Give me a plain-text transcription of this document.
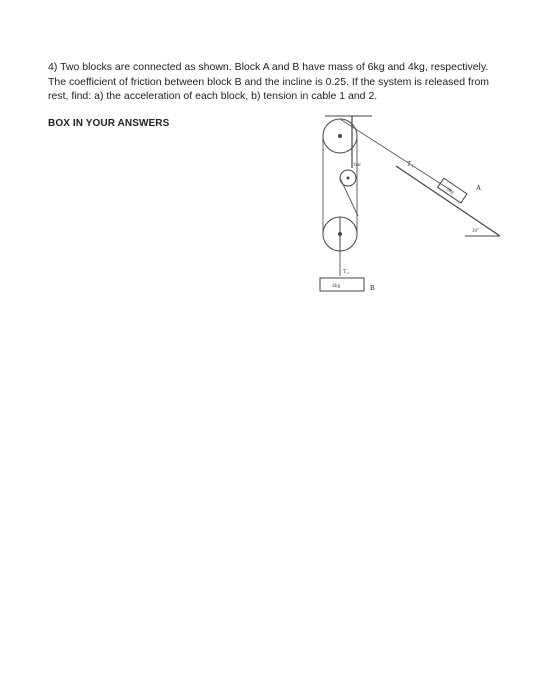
4) Two blocks are connected as shown. Block A and B have mass of 6kg and 4kg, respectively.
The coefficient of friction between block B and the incline is 0.25. If the system is released from
rest, find: a) the acceleration of each block, b) tension in cable 1 and 2.
BOX IN YOUR ANSWERS
T₂
bar	T₁
4kg	B
30°
6kg	A
